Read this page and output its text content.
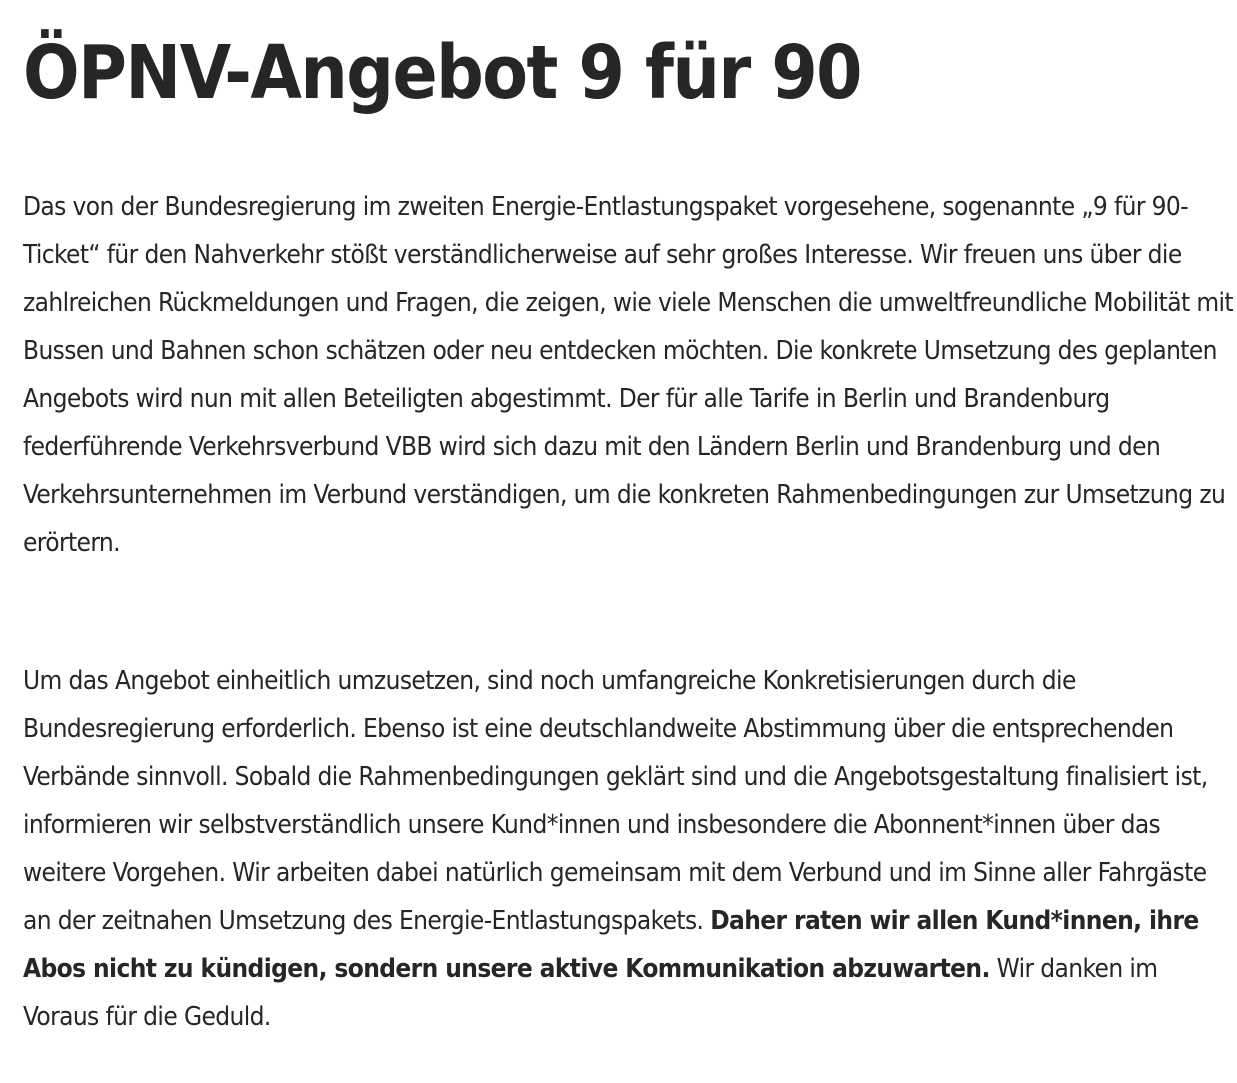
ÖPNV-Angebot 9 für 90

Das von der Bundesregierung im zweiten Energie-Entlastungspaket vorgesehene, sogenannte „9 für 90-Ticket“ für den Nahverkehr stößt verständlicherweise auf sehr großes Interesse. Wir freuen uns über die zahlreichen Rückmeldungen und Fragen, die zeigen, wie viele Menschen die umweltfreundliche Mobilität mit Bussen und Bahnen schon schätzen oder neu entdecken möchten. Die konkrete Umsetzung des geplanten Angebots wird nun mit allen Beteiligten abgestimmt. Der für alle Tarife in Berlin und Brandenburg federführende Verkehrsverbund VBB wird sich dazu mit den Ländern Berlin und Brandenburg und den Verkehrsunternehmen im Verbund verständigen, um die konkreten Rahmenbedingungen zur Umsetzung zu erörtern.

Um das Angebot einheitlich umzusetzen, sind noch umfangreiche Konkretisierungen durch die Bundesregierung erforderlich. Ebenso ist eine deutschlandweite Abstimmung über die entsprechenden Verbände sinnvoll. Sobald die Rahmenbedingungen geklärt sind und die Angebotsgestaltung finalisiert ist, informieren wir selbstverständlich unsere Kund*innen und insbesondere die Abonnent*innen über das weitere Vorgehen. Wir arbeiten dabei natürlich gemeinsam mit dem Verbund und im Sinne aller Fahrgäste an der zeitnahen Umsetzung des Energie-Entlastungspakets. Daher raten wir allen Kund*innen, ihre Abos nicht zu kündigen, sondern unsere aktive Kommunikation abzuwarten. Wir danken im Voraus für die Geduld.
